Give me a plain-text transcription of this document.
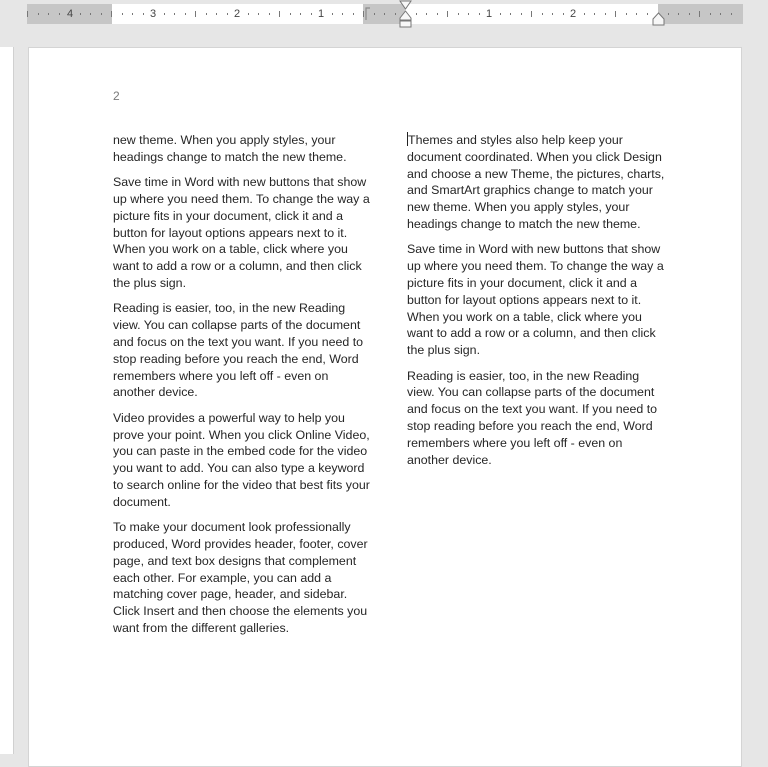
4	3	2	1	1	2
2

new theme. When you apply styles, your headings change to match the new theme.

Save time in Word with new buttons that show up where you need them. To change the way a picture fits in your document, click it and a button for layout options appears next to it. When you work on a table, click where you want to add a row or a column, and then click the plus sign.

Reading is easier, too, in the new Reading view. You can collapse parts of the document and focus on the text you want. If you need to stop reading before you reach the end, Word remembers where you left off - even on another device.

Video provides a powerful way to help you prove your point. When you click Online Video, you can paste in the embed code for the video you want to add. You can also type a keyword to search online for the video that best fits your document.

To make your document look professionally produced, Word provides header, footer, cover page, and text box designs that complement each other. For example, you can add a matching cover page, header, and sidebar. Click Insert and then choose the elements you want from the different galleries.

Themes and styles also help keep your document coordinated. When you click Design and choose a new Theme, the pictures, charts, and SmartArt graphics change to match your new theme. When you apply styles, your headings change to match the new theme.

Save time in Word with new buttons that show up where you need them. To change the way a picture fits in your document, click it and a button for layout options appears next to it. When you work on a table, click where you want to add a row or a column, and then click the plus sign.

Reading is easier, too, in the new Reading view. You can collapse parts of the document and focus on the text you want. If you need to stop reading before you reach the end, Word remembers where you left off - even on another device.
